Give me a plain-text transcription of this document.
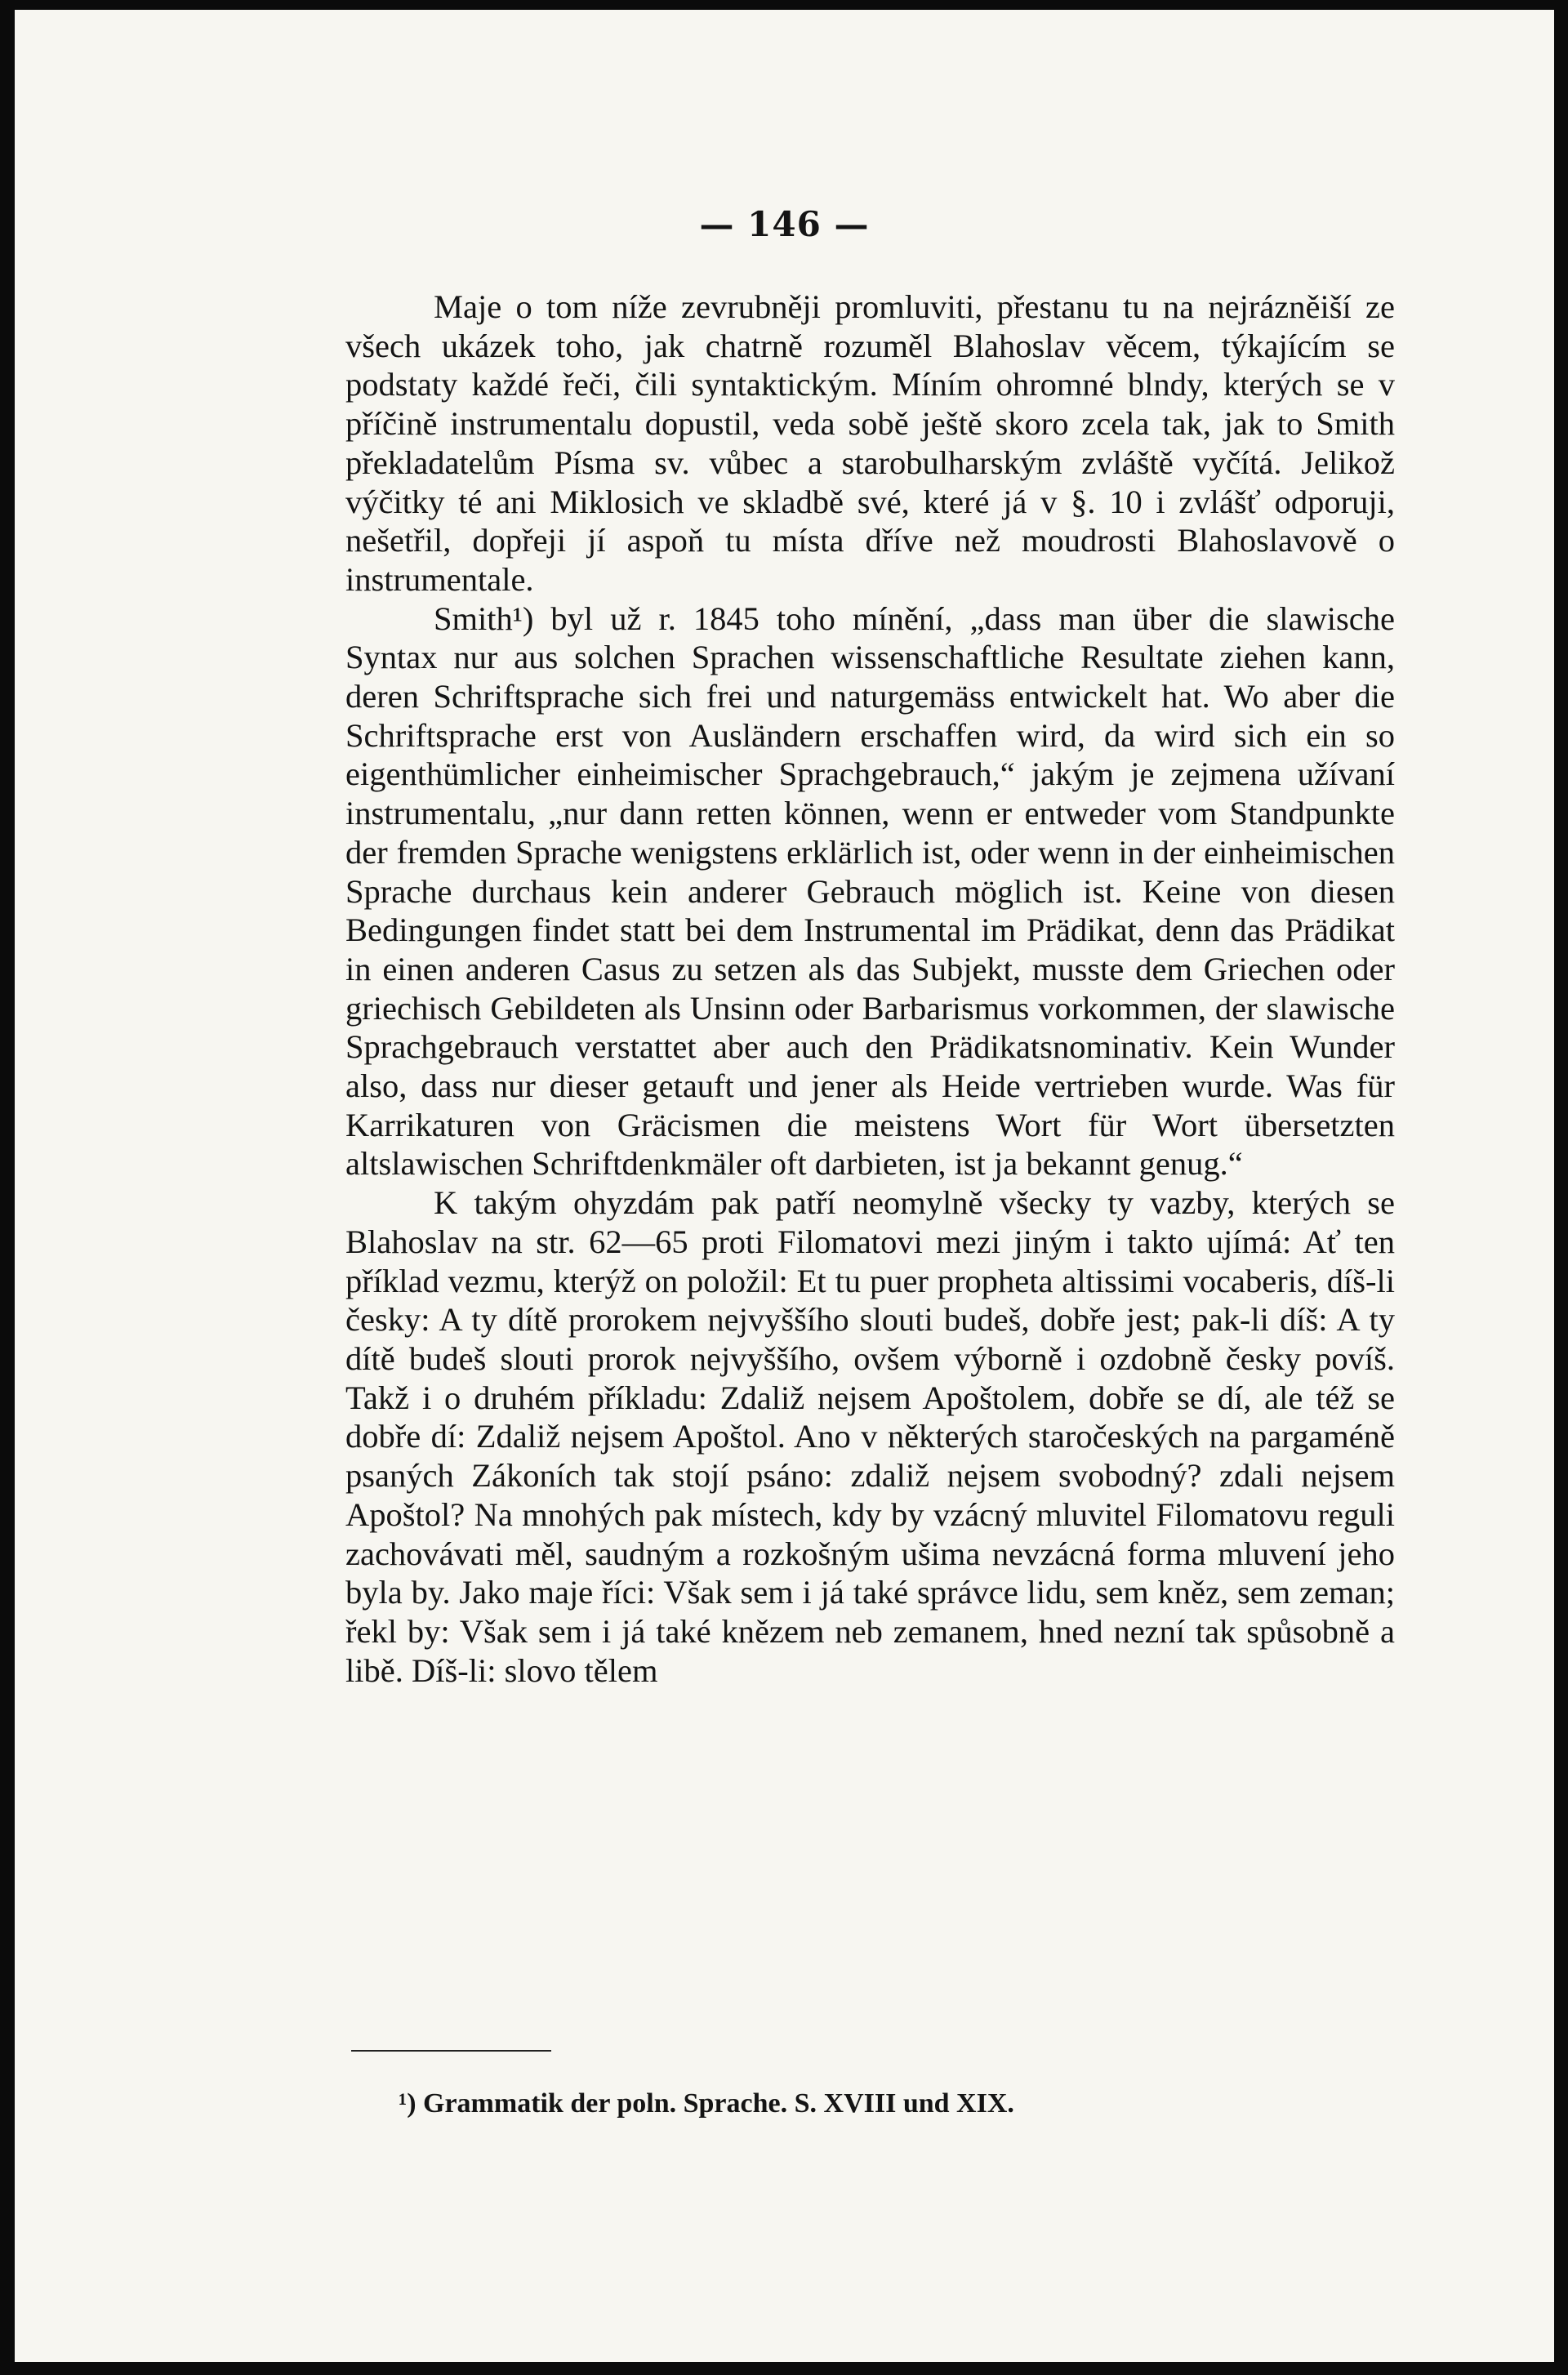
— 146 —

Maje o tom níže zevrubněji promluviti, přestanu tu na nejrázněiší ze všech ukázek toho, jak chatrně rozuměl Blahoslav věcem, týkajícím se podstaty každé řeči, čili syntaktickým. Míním ohromné blndy, kterých se v příčině instrumentalu dopustil, veda sobě ještě skoro zcela tak, jak to Smith překladatelům Písma sv. vůbec a starobulharským zvláště vyčítá. Jelikož výčitky té ani Miklosich ve skladbě své, které já v §. 10 i zvlášť odporuji, nešetřil, dopřeji jí aspoň tu místa dříve než moudrosti Blahoslavově o instrumentale.

Smith¹) byl už r. 1845 toho mínění, „dass man über die slawische Syntax nur aus solchen Sprachen wissenschaftliche Resultate ziehen kann, deren Schriftsprache sich frei und naturgemäss entwickelt hat. Wo aber die Schriftsprache erst von Ausländern erschaffen wird, da wird sich ein so eigenthümlicher einheimischer Sprachgebrauch,“ jakým je zejmena užívaní instrumentalu, „nur dann retten können, wenn er entweder vom Standpunkte der fremden Sprache wenigstens erklärlich ist, oder wenn in der einheimischen Sprache durchaus kein anderer Gebrauch möglich ist. Keine von diesen Bedingungen findet statt bei dem Instrumental im Prädikat, denn das Prädikat in einen anderen Casus zu setzen als das Subjekt, musste dem Griechen oder griechisch Gebildeten als Unsinn oder Barbarismus vorkommen, der slawische Sprachgebrauch verstattet aber auch den Prädikatsnominativ. Kein Wunder also, dass nur dieser getauft und jener als Heide vertrieben wurde. Was für Karrikaturen von Gräcismen die meistens Wort für Wort übersetzten altslawischen Schriftdenkmäler oft darbieten, ist ja bekannt genug.“

K takým ohyzdám pak patří neomylně všecky ty vazby, kterých se Blahoslav na str. 62—65 proti Filomatovi mezi jiným i takto ujímá: Ať ten příklad vezmu, kterýž on položil: Et tu puer propheta altissimi vocaberis, díš-li česky: A ty dítě prorokem nejvyššího slouti budeš, dobře jest; pak-li díš: A ty dítě budeš slouti prorok nejvyššího, ovšem výborně i ozdobně česky povíš. Takž i o druhém příkladu: Zdaliž nejsem Apoštolem, dobře se dí, ale též se dobře dí: Zdaliž nejsem Apoštol. Ano v některých staročeských na pargaméně psaných Zákoních tak stojí psáno: zdaliž nejsem svobodný? zdali nejsem Apoštol? Na mnohých pak místech, kdy by vzácný mluvitel Filomatovu reguli zachovávati měl, saudným a rozkošným ušima nevzácná forma mluvení jeho byla by. Jako maje říci: Však sem i já také správce lidu, sem kněz, sem zeman; řekl by: Však sem i já také knězem neb zemanem, hned nezní tak spůsobně a libě. Díš-li: slovo tělem

¹) Grammatik der poln. Sprache. S. XVIII und XIX.
